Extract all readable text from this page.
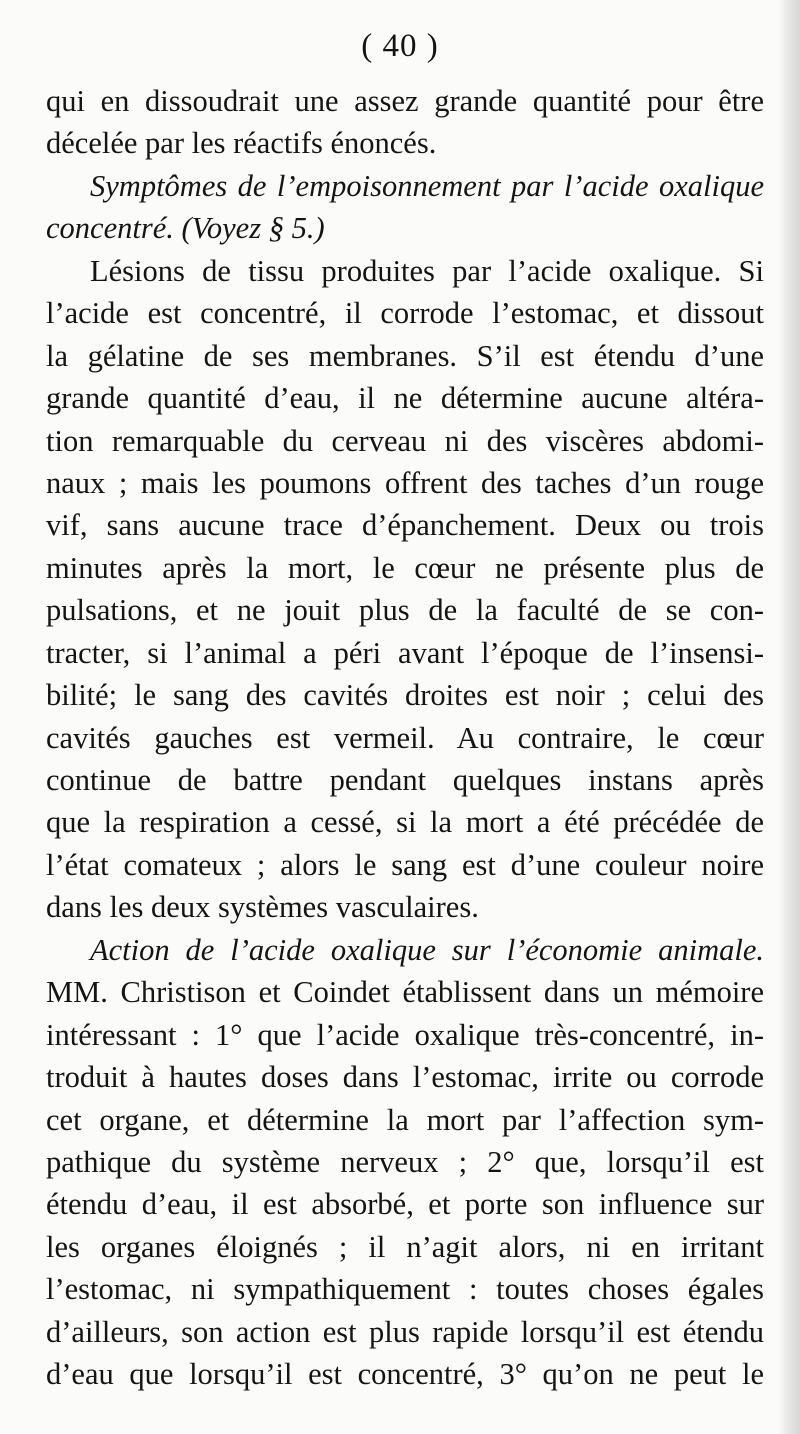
( 40 )
qui en dissoudrait une assez grande quantité pour être
décelée par les réactifs énoncés.
Symptômes de l’empoisonnement par l’acide oxalique
concentré. (Voyez § 5.)
Lésions de tissu produites par l’acide oxalique. Si
l’acide est concentré, il corrode l’estomac, et dissout
la gélatine de ses membranes. S’il est étendu d’une
grande quantité d’eau, il ne détermine aucune altéra-
tion remarquable du cerveau ni des viscères abdomi-
naux ; mais les poumons offrent des taches d’un rouge
vif, sans aucune trace d’épanchement. Deux ou trois
minutes après la mort, le cœur ne présente plus de
pulsations, et ne jouit plus de la faculté de se con-
tracter, si l’animal a péri avant l’époque de l’insensi-
bilité; le sang des cavités droites est noir ; celui des
cavités gauches est vermeil. Au contraire, le cœur
continue de battre pendant quelques instans après
que la respiration a cessé, si la mort a été précédée de
l’état comateux ; alors le sang est d’une couleur noire
dans les deux systèmes vasculaires.
Action de l’acide oxalique sur l’économie animale.
MM. Christison et Coindet établissent dans un mémoire
intéressant : 1° que l’acide oxalique très-concentré, in-
troduit à hautes doses dans l’estomac, irrite ou corrode
cet organe, et détermine la mort par l’affection sym-
pathique du système nerveux ; 2° que, lorsqu’il est
étendu d’eau, il est absorbé, et porte son influence sur
les organes éloignés ; il n’agit alors, ni en irritant
l’estomac, ni sympathiquement : toutes choses égales
d’ailleurs, son action est plus rapide lorsqu’il est étendu
d’eau que lorsqu’il est concentré, 3° qu’on ne peut le
